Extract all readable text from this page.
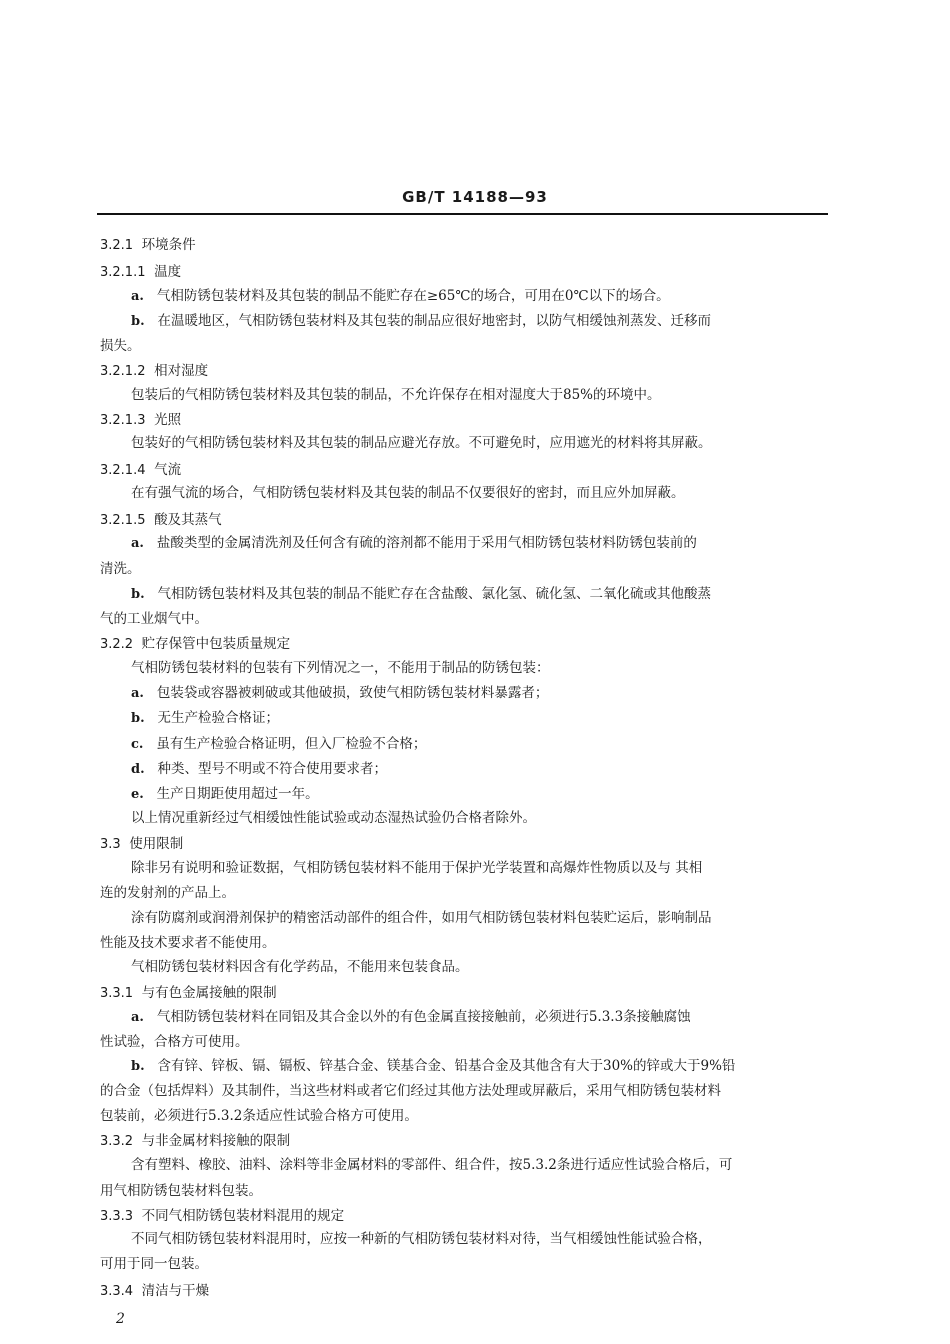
GB/T 14188—93
3.2.1 环境条件
3.2.1.1 温度
a. 气相防锈包装材料及其包装的制品不能贮存在≥65℃的场合，可用在0℃以下的场合。
b. 在温暖地区，气相防锈包装材料及其包装的制品应很好地密封，以防气相缓蚀剂蒸发、迁移而
损失。
3.2.1.2 相对湿度
包装后的气相防锈包装材料及其包装的制品，不允许保存在相对湿度大于85%的环境中。
3.2.1.3 光照
包装好的气相防锈包装材料及其包装的制品应避光存放。不可避免时，应用遮光的材料将其屏蔽。
3.2.1.4 气流
在有强气流的场合，气相防锈包装材料及其包装的制品不仅要很好的密封，而且应外加屏蔽。
3.2.1.5 酸及其蒸气
a. 盐酸类型的金属清洗剂及任何含有硫的溶剂都不能用于采用气相防锈包装材料防锈包装前的
清洗。
b. 气相防锈包装材料及其包装的制品不能贮存在含盐酸、氯化氢、硫化氢、二氧化硫或其他酸蒸
气的工业烟气中。
3.2.2 贮存保管中包装质量规定
气相防锈包装材料的包装有下列情况之一，不能用于制品的防锈包装：
a. 包装袋或容器被刺破或其他破损，致使气相防锈包装材料暴露者；
b. 无生产检验合格证；
c. 虽有生产检验合格证明，但入厂检验不合格；
d. 种类、型号不明或不符合使用要求者；
e. 生产日期距使用超过一年。
以上情况重新经过气相缓蚀性能试验或动态湿热试验仍合格者除外。
3.3 使用限制
除非另有说明和验证数据，气相防锈包装材料不能用于保护光学装置和高爆炸性物质以及与 其相
连的发射剂的产品上。
涂有防腐剂或润滑剂保护的精密活动部件的组合件，如用气相防锈包装材料包装贮运后，影响制品
性能及技术要求者不能使用。
气相防锈包装材料因含有化学药品，不能用来包装食品。
3.3.1 与有色金属接触的限制
a. 气相防锈包装材料在同铝及其合金以外的有色金属直接接触前，必须进行5.3.3条接触腐蚀
性试验，合格方可使用。
b. 含有锌、锌板、镉、镉板、锌基合金、镁基合金、铅基合金及其他含有大于30%的锌或大于9%铅
的合金（包括焊料）及其制件，当这些材料或者它们经过其他方法处理或屏蔽后，采用气相防锈包装材料
包装前，必须进行5.3.2条适应性试验合格方可使用。
3.3.2 与非金属材料接触的限制
含有塑料、橡胶、油料、涂料等非金属材料的零部件、组合件，按5.3.2条进行适应性试验合格后，可
用气相防锈包装材料包装。
3.3.3 不同气相防锈包装材料混用的规定
不同气相防锈包装材料混用时，应按一种新的气相防锈包装材料对待，当气相缓蚀性能试验合格，
可用于同一包装。
3.3.4 清洁与干燥
2
